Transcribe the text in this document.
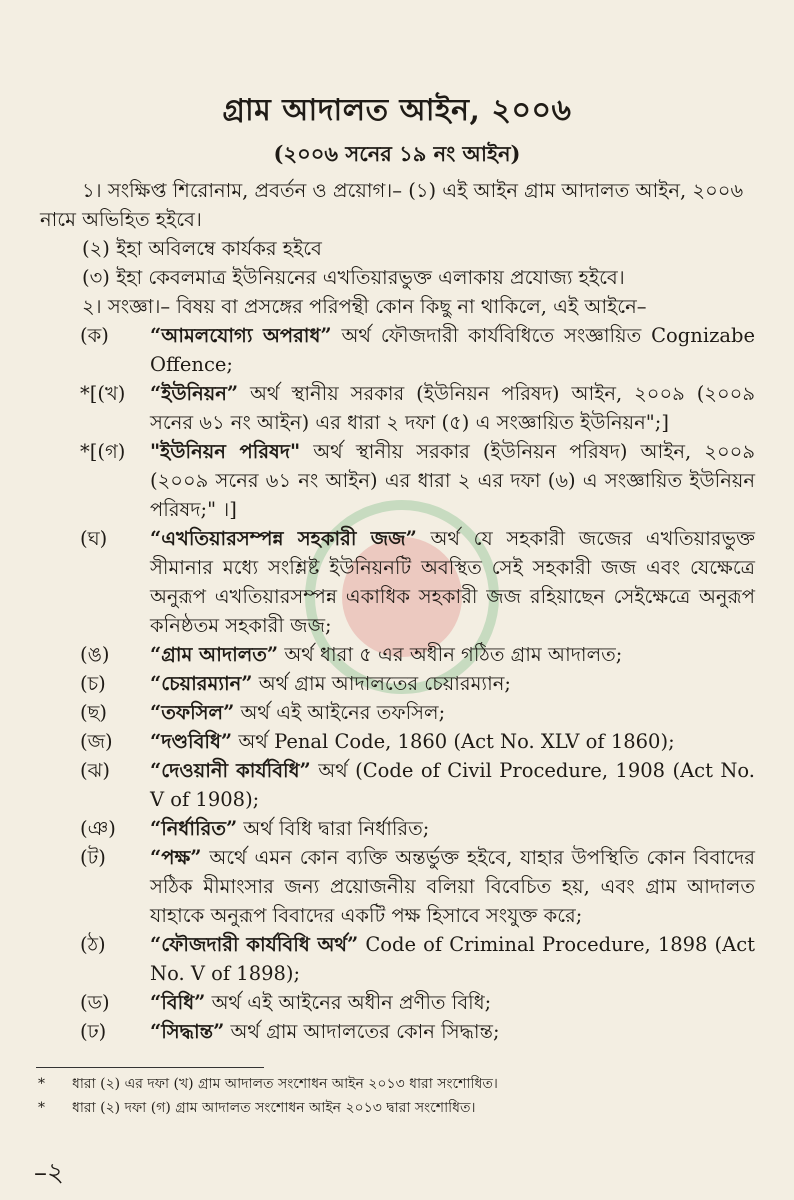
গ্রাম আদালত আইন, ২০০৬
(২০০৬ সনের ১৯ নং আইন)

১। সংক্ষিপ্ত শিরোনাম, প্রবর্তন ও প্রয়োগ।– (১) এই আইন গ্রাম আদালত আইন, ২০০৬ নামে অভিহিত হইবে।

(২) ইহা অবিলম্বে কার্যকর হইবে

(৩) ইহা কেবলমাত্র ইউনিয়নের এখতিয়ারভুক্ত এলাকায় প্রযোজ্য হইবে।

২। সংজ্ঞা।– বিষয় বা প্রসঙ্গের পরিপন্থী কোন কিছু না থাকিলে, এই আইনে–

(ক)	“আমলযোগ্য অপরাধ” অর্থ ফৌজদারী কার্যবিধিতে সংজ্ঞায়িত Cognizabe Offence;
*[(খ)	“ইউনিয়ন” অর্থ স্থানীয় সরকার (ইউনিয়ন পরিষদ) আইন, ২০০৯ (২০০৯ সনের ৬১ নং আইন) এর ধারা ২ দফা (৫) এ সংজ্ঞায়িত ইউনিয়ন";]
*[(গ)	"ইউনিয়ন পরিষদ" অর্থ স্থানীয় সরকার (ইউনিয়ন পরিষদ) আইন, ২০০৯ (২০০৯ সনের ৬১ নং আইন) এর ধারা ২ এর দফা (৬) এ সংজ্ঞায়িত ইউনিয়ন পরিষদ;" ।]
(ঘ)	“এখতিয়ারসম্পন্ন সহকারী জজ” অর্থ যে সহকারী জজের এখতিয়ারভুক্ত সীমানার মধ্যে সংশ্লিষ্ট ইউনিয়নটি অবস্থিত সেই সহকারী জজ এবং যেক্ষেত্রে অনুরূপ এখতিয়ারসম্পন্ন একাধিক সহকারী জজ রহিয়াছেন সেইক্ষেত্রে অনুরূপ কনিষ্ঠতম সহকারী জজ;
(ঙ)	“গ্রাম আদালত” অর্থ ধারা ৫ এর অধীন গঠিত গ্রাম আদালত;
(চ)	“চেয়ারম্যান” অর্থ গ্রাম আদালতের চেয়ারম্যান;
(ছ)	“তফসিল” অর্থ এই আইনের তফসিল;
(জ)	“দণ্ডবিধি” অর্থ Penal Code, 1860 (Act No. XLV of 1860);
(ঝ)	“দেওয়ানী কার্যবিধি” অর্থ (Code of Civil Procedure, 1908 (Act No. V of 1908);
(ঞ)	“নির্ধারিত” অর্থ বিধি দ্বারা নির্ধারিত;
(ট)	“পক্ষ” অর্থে এমন কোন ব্যক্তি অন্তর্ভুক্ত হইবে, যাহার উপস্থিতি কোন বিবাদের সঠিক মীমাংসার জন্য প্রয়োজনীয় বলিয়া বিবেচিত হয়, এবং গ্রাম আদালত যাহাকে অনুরূপ বিবাদের একটি পক্ষ হিসাবে সংযুক্ত করে;
(ঠ)	“ফৌজদারী কার্যবিধি অর্থ” Code of Criminal Procedure, 1898 (Act No. V of 1898);
(ড)	“বিধি” অর্থ এই আইনের অধীন প্রণীত বিধি;
(ঢ)	“সিদ্ধান্ত” অর্থ গ্রাম আদালতের কোন সিদ্ধান্ত;
*	ধারা (২) এর দফা (খ) গ্রাম আদালত সংশোধন আইন ২০১৩ ধারা সংশোধিত।
*	ধারা (২) দফা (গ) গ্রাম আদালত সংশোধন আইন ২০১৩ দ্বারা সংশোধিত।
–২
